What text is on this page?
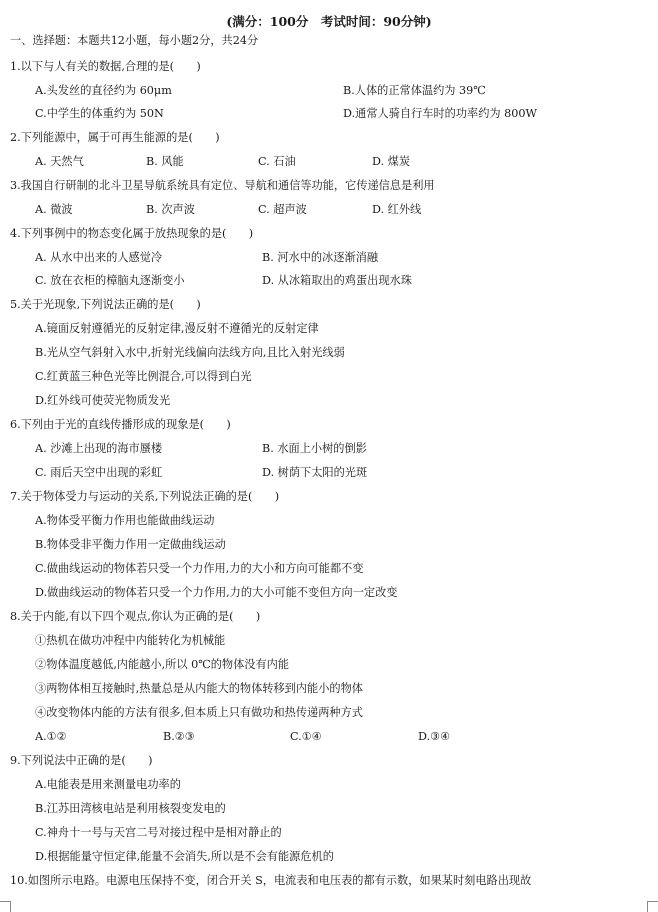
(满分：100分　考试时间：90分钟)
一、选择题：本题共12小题，每小题2分，共24分
1.以下与人有关的数据,合理的是(　　)
A.头发丝的直径约为 60μm	B.人体的正常体温约为 39℃
C.中学生的体重约为 50N	D.通常人骑自行车时的功率约为 800W
2.下列能源中，属于可再生能源的是(　　)
A. 天然气	B. 风能	C. 石油	D. 煤炭
3.我国自行研制的北斗卫星导航系统具有定位、导航和通信等功能，它传递信息是利用
A. 微波	B. 次声波	C. 超声波	D. 红外线
4.下列事例中的物态变化属于放热现象的是(　　)
A. 从水中出来的人感觉冷	B. 河水中的冰逐渐消融
C. 放在衣柜的樟脑丸逐渐变小	D. 从冰箱取出的鸡蛋出现水珠
5.关于光现象,下列说法正确的是(　　)
A.镜面反射遵循光的反射定律,漫反射不遵循光的反射定律
B.光从空气斜射入水中,折射光线偏向法线方向,且比入射光线弱
C.红黄蓝三种色光等比例混合,可以得到白光
D.红外线可使荧光物质发光
6.下列由于光的直线传播形成的现象是(　　)
A. 沙滩上出现的海市蜃楼	B. 水面上小树的倒影
C. 雨后天空中出现的彩虹	D. 树荫下太阳的光斑
7.关于物体受力与运动的关系,下列说法正确的是(　　)
A.物体受平衡力作用也能做曲线运动
B.物体受非平衡力作用一定做曲线运动
C.做曲线运动的物体若只受一个力作用,力的大小和方向可能都不变
D.做曲线运动的物体若只受一个力作用,力的大小可能不变但方向一定改变
8.关于内能,有以下四个观点,你认为正确的是(　　)
①热机在做功冲程中内能转化为机械能
②物体温度越低,内能越小,所以 0℃的物体没有内能
③两物体相互接触时,热量总是从内能大的物体转移到内能小的物体
④改变物体内能的方法有很多,但本质上只有做功和热传递两种方式
A.①②	B.②③	C.①④	D.③④
9.下列说法中正确的是(　　)
A.电能表是用来测量电功率的
B.江苏田湾核电站是利用核裂变发电的
C.神舟十一号与天宫二号对接过程中是相对静止的
D.根据能量守恒定律,能量不会消失,所以是不会有能源危机的
10.如图所示电路。电源电压保持不变，闭合开关 S，电流表和电压表的都有示数，如果某时刻电路出现故
